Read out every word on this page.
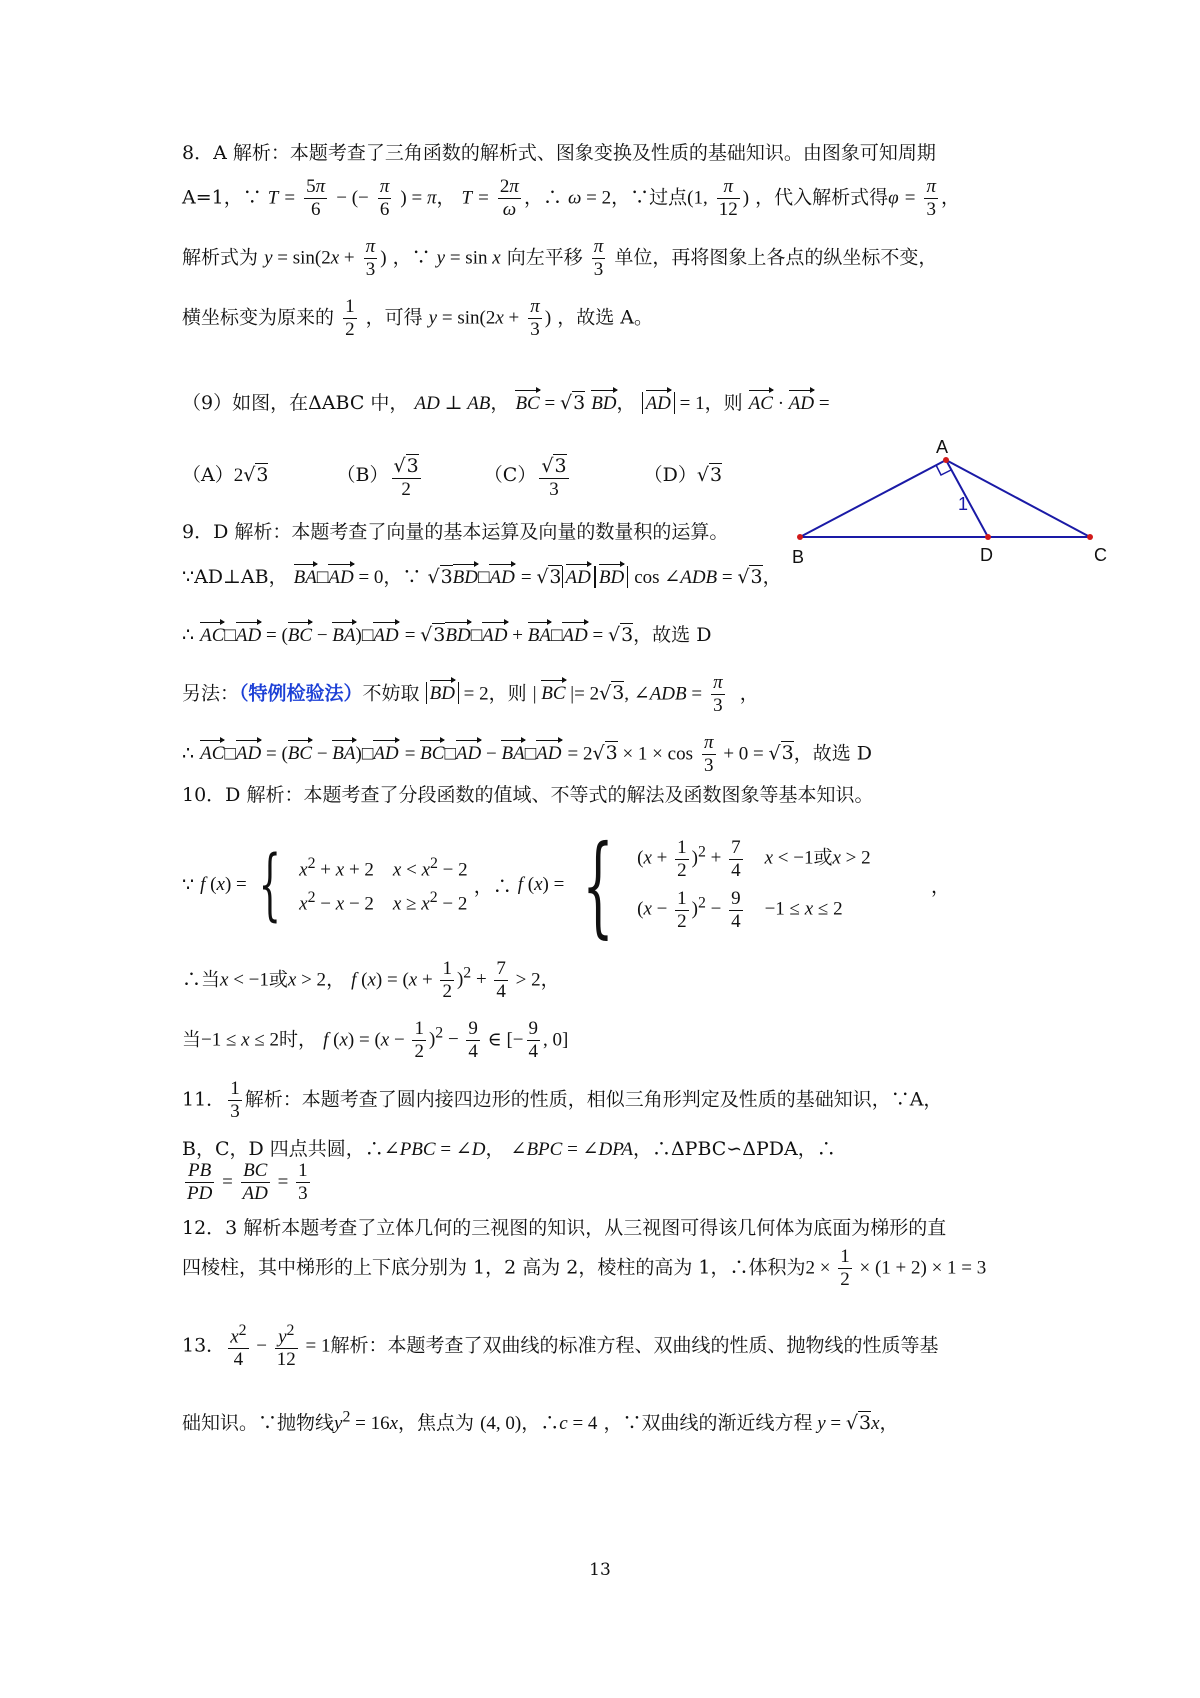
8．A 解析：本题考查了三角函数的解析式、图象变换及性质的基础知识。由图象可知周期
A=1，∵ $T = \frac{5\pi}{6}$ − (− $\frac{\pi}{6}$ ) = π， $T = \frac{2\pi}{\omega}$ ，∴ ω = 2，∵过点(1, $\frac{\pi}{12}$ ) ，代入解析式得$\varphi = \frac{\pi}{3}$ ，
解析式为 $y = \sin(2x + \frac{\pi}{3}$ ) ，∵ y = sin x 向左平移 $\frac{\pi}{3}$ 单位，再将图象上各点的纵坐标不变，
横坐标变为原来的 $\frac{1}{2}$ ，可得 $y = \sin(2x + \frac{\pi}{3}$ ) ，故选 A。
（9）如图，在ΔABC 中， AD ⊥ AB， BC = √3 BD， AD = 1，则 AC · AD =
（A）2√3	$(B) \frac{√3}{2}$	$(C) \frac{√3}{3}$	（D）√3
A
B	D	C
1
9．D 解析：本题考查了向量的基本运算及向量的数量积的运算。
∵AD⊥AB， BA□AD = 0，∵ √3BD□AD = √3 AD BD cos ∠ADB = √3，
∴ AC□AD = (BC − BA)□AD = √3BD□AD + BA□AD = √3，故选 D
另法：（特例检验法）不妨取 BD = 2，则 | BC |= 2√3, ∠ADB = $\frac{\pi}{3}$ ，
∴ AC□AD = (BC − BA)□AD = BC□AD − BA□AD = $2√3 \times 1 \times \cos \frac{\pi}{3} + 0 = √3$，故选 D
10．D 解析：本题考查了分段函数的值域、不等式的解法及函数图象等基本知识。
∵ f (x) = { $x^2 + x + 2$    $x < x^2 - 2$
$x^2 - x - 2$    $x \ge x^2 - 2$
，∴ f (x) = { $(x + \frac{1}{2} )^2 + \frac{7}{4}$ x < −1或x > 2
$(x - \frac{1}{2} )^2 - \frac{9}{4} -1 \le x \le 2$
，
∴当x < −1或x > 2， f $(x) = (x + \frac{1}{2} )^2 + \frac{7}{4} > 2$，
当−1 ≤ x ≤ 2时， f $(x) = (x - \frac{1}{2} )^2 - \frac{9}{4}$ ∈ [− $\frac{9}{4}$ , 0]
11． $\frac{1}{3}$ 解析：本题考查了圆内接四边形的性质，相似三角形判定及性质的基础知识，∵A，
B，C，D 四点共圆，∴∠PBC = ∠D， ∠BPC = ∠DPA，∴ΔPBC∽ΔPDA，∴
$\frac{PB}{PD} = \frac{BC}{AD} = \frac{1}{3}$
12．3 解析本题考查了立体几何的三视图的知识，从三视图可得该几何体为底面为梯形的直
四棱柱，其中梯形的上下底分别为 1，2 高为 2，棱柱的高为 1，∴体积为$2 \times \frac{1}{2} \times (1 + 2) \times 1 = 3$
13． $\frac{x^2}{4} - \frac{y^2}{12} = 1$解析：本题考查了双曲线的标准方程、双曲线的性质、抛物线的性质等基
础知识。∵抛物线$y^2 = 16x$，焦点为 (4, 0)，∴c = 4 ，∵双曲线的渐近线方程 y = √3x，
13
